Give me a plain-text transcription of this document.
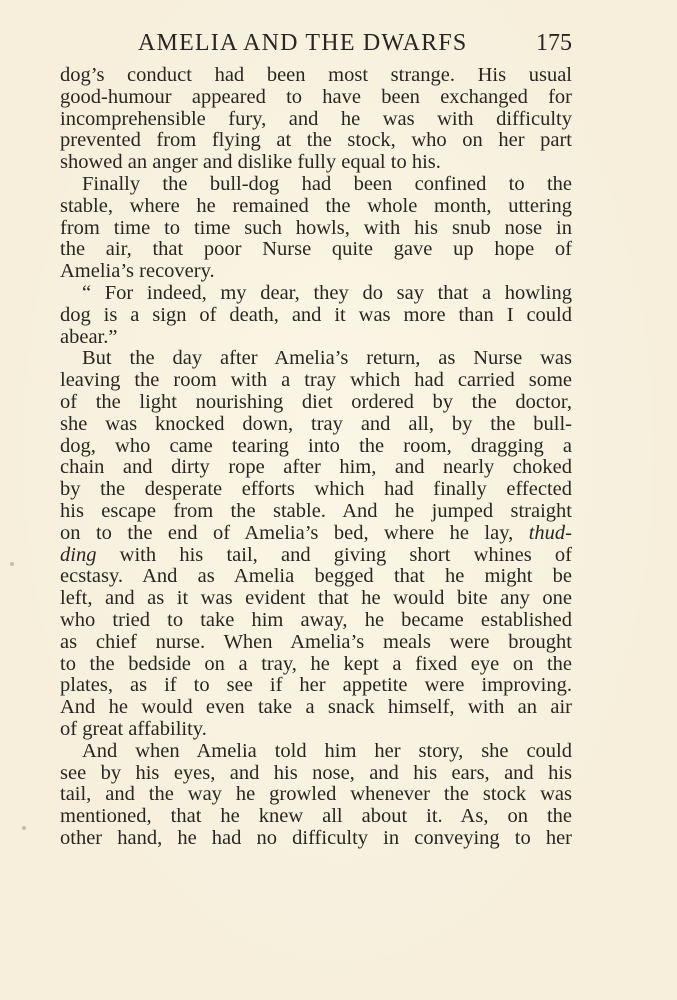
AMELIA AND THE DWARFS	175
dog’s conduct had been most strange. His usual
good-humour appeared to have been exchanged for
incomprehensible fury, and he was with difficulty
prevented from flying at the stock, who on her part
showed an anger and dislike fully equal to his.
Finally the bull-dog had been confined to the
stable, where he remained the whole month, uttering
from time to time such howls, with his snub nose in
the air, that poor Nurse quite gave up hope of
Amelia’s recovery.
“ For indeed, my dear, they do say that a howling
dog is a sign of death, and it was more than I could
abear.”
But the day after Amelia’s return, as Nurse was
leaving the room with a tray which had carried some
of the light nourishing diet ordered by the doctor,
she was knocked down, tray and all, by the bull-
dog, who came tearing into the room, dragging a
chain and dirty rope after him, and nearly choked
by the desperate efforts which had finally effected
his escape from the stable. And he jumped straight
on to the end of Amelia’s bed, where he lay, thud-
ding with his tail, and giving short whines of
ecstasy. And as Amelia begged that he might be
left, and as it was evident that he would bite any one
who tried to take him away, he became established
as chief nurse. When Amelia’s meals were brought
to the bedside on a tray, he kept a fixed eye on the
plates, as if to see if her appetite were improving.
And he would even take a snack himself, with an air
of great affability.
And when Amelia told him her story, she could
see by his eyes, and his nose, and his ears, and his
tail, and the way he growled whenever the stock was
mentioned, that he knew all about it. As, on the
other hand, he had no difficulty in conveying to her
